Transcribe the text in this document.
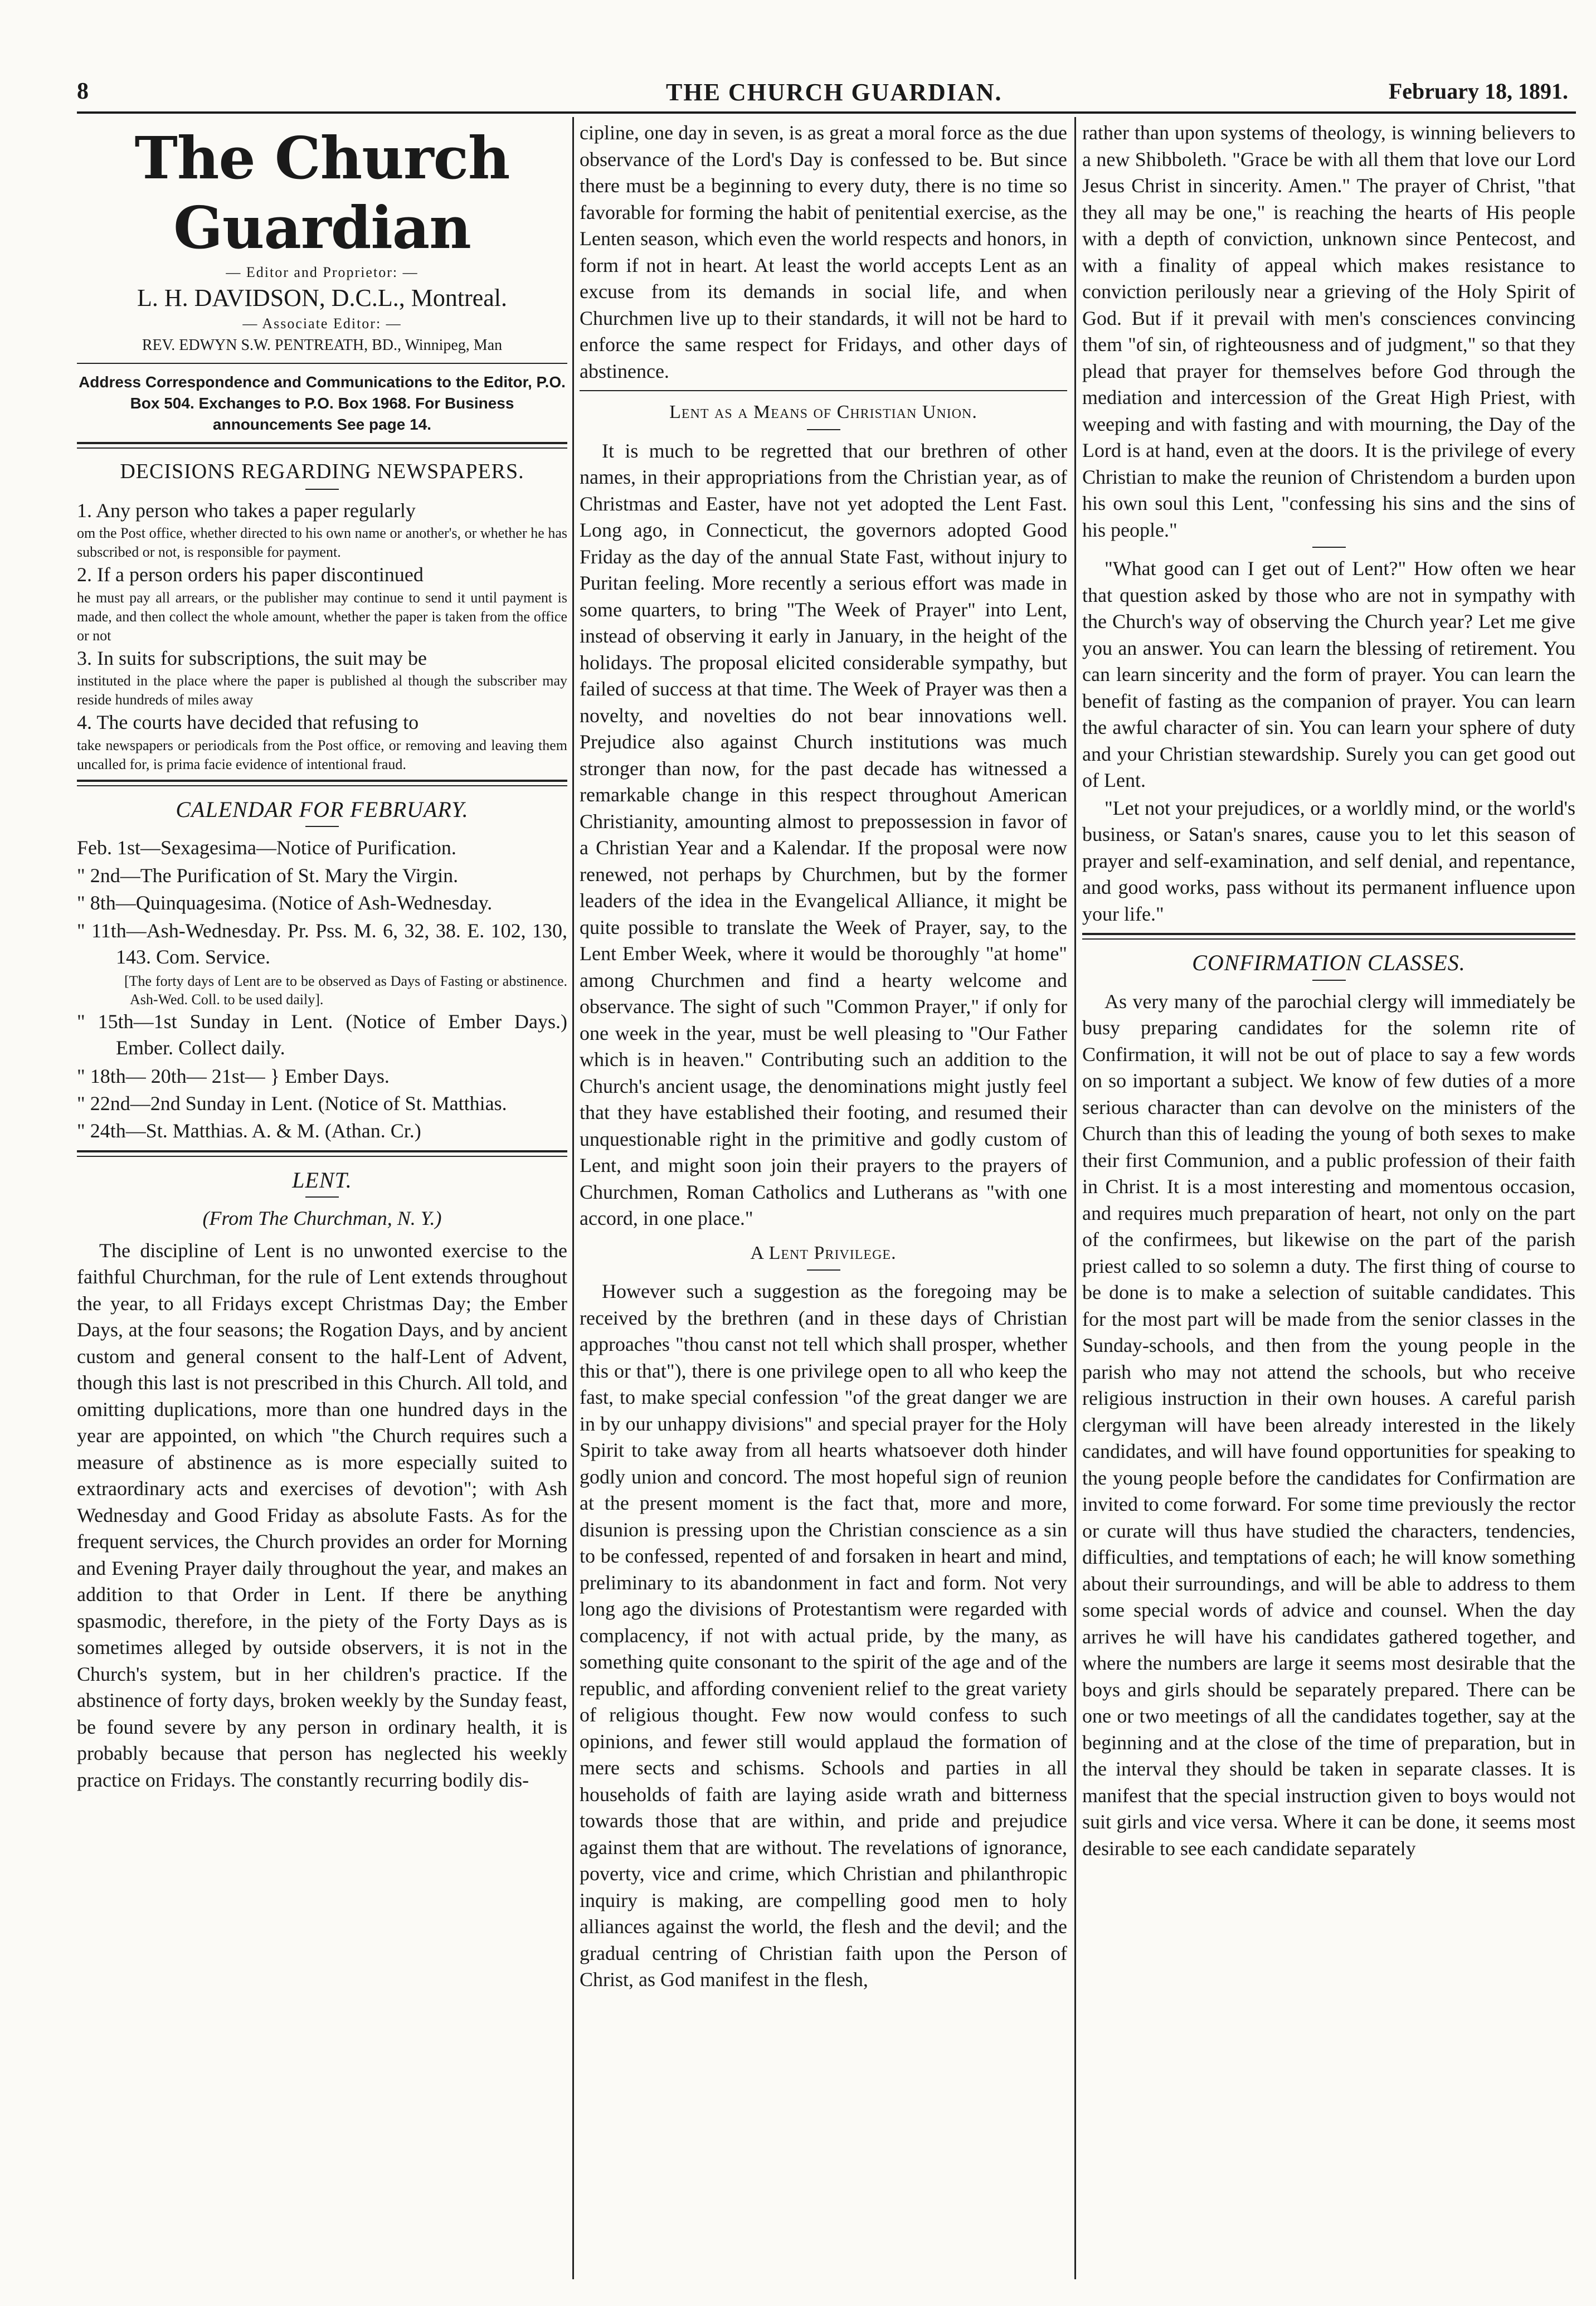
8	THE CHURCH GUARDIAN.	February 18, 1891.
The Church Guardian
— Editor and Proprietor: —
L. H. DAVIDSON, D.C.L., Montreal.
— Associate Editor: —
REV. EDWYN S.W. PENTREATH, BD., Winnipeg, Man
Address Correspondence and Communications to the Editor, P.O. Box 504. Exchanges to P.O. Box 1968. For Business announcements See page 14.
DECISIONS REGARDING NEWSPAPERS.
1. Any person who takes a paper regularly
om the Post office, whether directed to his own name or another's, or whether he has subscribed or not, is responsible for payment.
2. If a person orders his paper discontinued
he must pay all arrears, or the publisher may continue to send it until payment is made, and then collect the whole amount, whether the paper is taken from the office or not
3. In suits for subscriptions, the suit may be
instituted in the place where the paper is published al though the subscriber may reside hundreds of miles away
4. The courts have decided that refusing to
take newspapers or periodicals from the Post office, or removing and leaving them uncalled for, is prima facie evidence of intentional fraud.
CALENDAR FOR FEBRUARY.
Feb. 1st—Sexagesima—Notice of Purification.
" 2nd—The Purification of St. Mary the Virgin.
" 8th—Quinquagesima. (Notice of Ash-Wednesday.
" 11th—Ash-Wednesday. Pr. Pss. M. 6, 32, 38. E. 102, 130, 143. Com. Service.
[The forty days of Lent are to be observed as Days of Fasting or abstinence. Ash-Wed. Coll. to be used daily].
" 15th—1st Sunday in Lent. (Notice of Ember Days.) Ember. Collect daily.
" 18th— 20th— 21st— } Ember Days.
" 22nd—2nd Sunday in Lent. (Notice of St. Matthias.
" 24th—St. Matthias. A. & M. (Athan. Cr.)
LENT.
(From The Churchman, N. Y.)

The discipline of Lent is no unwonted exercise to the faithful Churchman, for the rule of Lent extends throughout the year, to all Fridays except Christmas Day; the Ember Days, at the four seasons; the Rogation Days, and by ancient custom and general consent to the half-Lent of Advent, though this last is not prescribed in this Church. All told, and omitting duplications, more than one hundred days in the year are appointed, on which "the Church requires such a measure of abstinence as is more especially suited to extraordinary acts and exercises of devotion"; with Ash Wednesday and Good Friday as absolute Fasts. As for the frequent services, the Church provides an order for Morning and Evening Prayer daily throughout the year, and makes an addition to that Order in Lent. If there be anything spasmodic, therefore, in the piety of the Forty Days as is sometimes alleged by outside observers, it is not in the Church's system, but in her children's practice. If the abstinence of forty days, broken weekly by the Sunday feast, be found severe by any person in ordinary health, it is probably because that person has neglected his weekly practice on Fridays. The constantly recurring bodily dis-

cipline, one day in seven, is as great a moral force as the due observance of the Lord's Day is confessed to be. But since there must be a beginning to every duty, there is no time so favorable for forming the habit of penitential exercise, as the Lenten season, which even the world respects and honors, in form if not in heart. At least the world accepts Lent as an excuse from its demands in social life, and when Churchmen live up to their standards, it will not be hard to enforce the same respect for Fridays, and other days of abstinence.

Lent as a Means of Christian Union.

It is much to be regretted that our brethren of other names, in their appropriations from the Christian year, as of Christmas and Easter, have not yet adopted the Lent Fast. Long ago, in Connecticut, the governors adopted Good Friday as the day of the annual State Fast, without injury to Puritan feeling. More recently a serious effort was made in some quarters, to bring "The Week of Prayer" into Lent, instead of observing it early in January, in the height of the holidays. The proposal elicited considerable sympathy, but failed of success at that time. The Week of Prayer was then a novelty, and novelties do not bear innovations well. Prejudice also against Church institutions was much stronger than now, for the past decade has witnessed a remarkable change in this respect throughout American Christianity, amounting almost to prepossession in favor of a Christian Year and a Kalendar. If the proposal were now renewed, not perhaps by Churchmen, but by the former leaders of the idea in the Evangelical Alliance, it might be quite possible to translate the Week of Prayer, say, to the Lent Ember Week, where it would be thoroughly "at home" among Churchmen and find a hearty welcome and observance. The sight of such "Common Prayer," if only for one week in the year, must be well pleasing to "Our Father which is in heaven." Contributing such an addition to the Church's ancient usage, the denominations might justly feel that they have established their footing, and resumed their unquestionable right in the primitive and godly custom of Lent, and might soon join their prayers to the prayers of Churchmen, Roman Catholics and Lutherans as "with one accord, in one place."

A Lent Privilege.

However such a suggestion as the foregoing may be received by the brethren (and in these days of Christian approaches "thou canst not tell which shall prosper, whether this or that"), there is one privilege open to all who keep the fast, to make special confession "of the great danger we are in by our unhappy divisions" and special prayer for the Holy Spirit to take away from all hearts whatsoever doth hinder godly union and concord. The most hopeful sign of reunion at the present moment is the fact that, more and more, disunion is pressing upon the Christian conscience as a sin to be confessed, repented of and forsaken in heart and mind, preliminary to its abandonment in fact and form. Not very long ago the divisions of Protestantism were regarded with complacency, if not with actual pride, by the many, as something quite consonant to the spirit of the age and of the republic, and affording convenient relief to the great variety of religious thought. Few now would confess to such opinions, and fewer still would applaud the formation of mere sects and schisms. Schools and parties in all households of faith are laying aside wrath and bitterness towards those that are within, and pride and prejudice against them that are without. The revelations of ignorance, poverty, vice and crime, which Christian and philanthropic inquiry is making, are compelling good men to holy alliances against the world, the flesh and the devil; and the gradual centring of Christian faith upon the Person of Christ, as God manifest in the flesh,

rather than upon systems of theology, is winning believers to a new Shibboleth. "Grace be with all them that love our Lord Jesus Christ in sincerity. Amen." The prayer of Christ, "that they all may be one," is reaching the hearts of His people with a depth of conviction, unknown since Pentecost, and with a finality of appeal which makes resistance to conviction perilously near a grieving of the Holy Spirit of God. But if it prevail with men's consciences convincing them "of sin, of righteousness and of judgment," so that they plead that prayer for themselves before God through the mediation and intercession of the Great High Priest, with weeping and with fasting and with mourning, the Day of the Lord is at hand, even at the doors. It is the privilege of every Christian to make the reunion of Christendom a burden upon his own soul this Lent, "confessing his sins and the sins of his people."

"What good can I get out of Lent?" How often we hear that question asked by those who are not in sympathy with the Church's way of observing the Church year? Let me give you an answer. You can learn the blessing of retirement. You can learn sincerity and the form of prayer. You can learn the benefit of fasting as the companion of prayer. You can learn the awful character of sin. You can learn your sphere of duty and your Christian stewardship. Surely you can get good out of Lent.

"Let not your prejudices, or a worldly mind, or the world's business, or Satan's snares, cause you to let this season of prayer and self-examination, and self denial, and repentance, and good works, pass without its permanent influence upon your life."

CONFIRMATION CLASSES.

As very many of the parochial clergy will immediately be busy preparing candidates for the solemn rite of Confirmation, it will not be out of place to say a few words on so important a subject. We know of few duties of a more serious character than can devolve on the ministers of the Church than this of leading the young of both sexes to make their first Communion, and a public profession of their faith in Christ. It is a most interesting and momentous occasion, and requires much preparation of heart, not only on the part of the confirmees, but likewise on the part of the parish priest called to so solemn a duty. The first thing of course to be done is to make a selection of suitable candidates. This for the most part will be made from the senior classes in the Sunday-schools, and then from the young people in the parish who may not attend the schools, but who receive religious instruction in their own houses. A careful parish clergyman will have been already interested in the likely candidates, and will have found opportunities for speaking to the young people before the candidates for Confirmation are invited to come forward. For some time previously the rector or curate will thus have studied the characters, tendencies, difficulties, and temptations of each; he will know something about their surroundings, and will be able to address to them some special words of advice and counsel. When the day arrives he will have his candidates gathered together, and where the numbers are large it seems most desirable that the boys and girls should be separately prepared. There can be one or two meetings of all the candidates together, say at the beginning and at the close of the time of preparation, but in the interval they should be taken in separate classes. It is manifest that the special instruction given to boys would not suit girls and vice versa. Where it can be done, it seems most desirable to see each candidate separately
